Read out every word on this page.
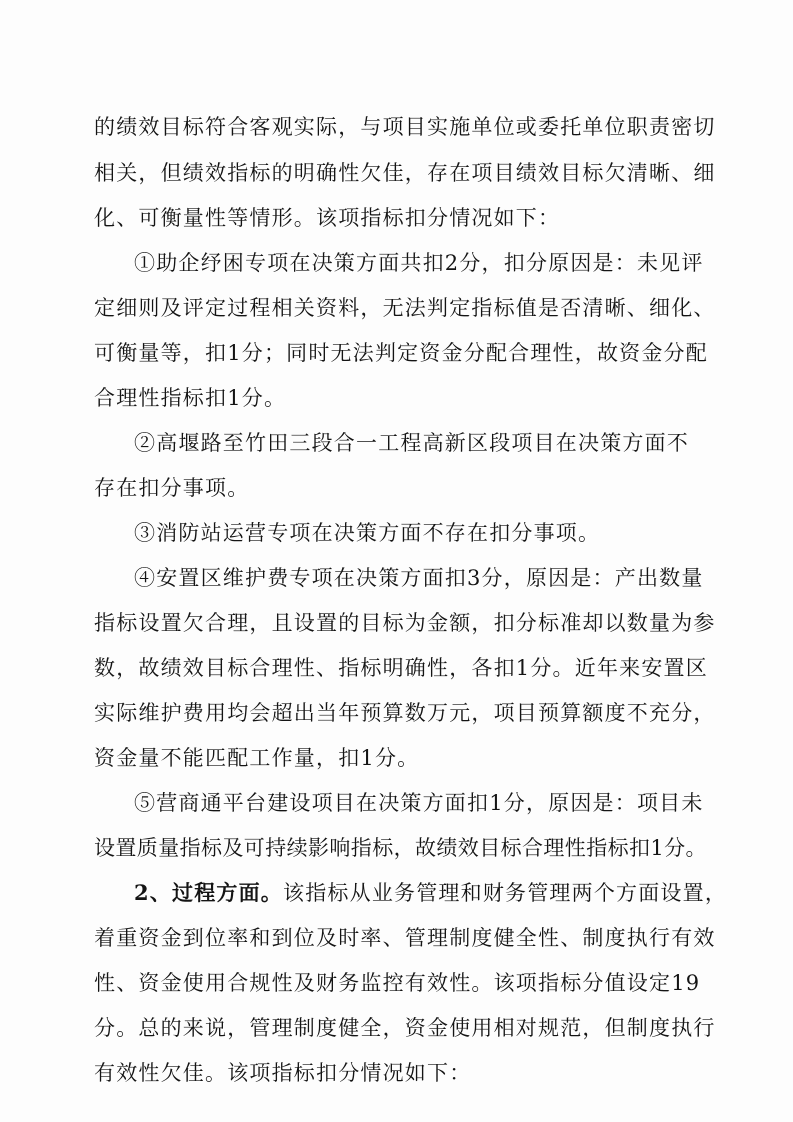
的绩效目标符合客观实际，与项目实施单位或委托单位职责密切
相关，但绩效指标的明确性欠佳，存在项目绩效目标欠清晰、细
化、可衡量性等情形。该项指标扣分情况如下：
①助企纾困专项在决策方面共扣2分，扣分原因是：未见评
定细则及评定过程相关资料，无法判定指标值是否清晰、细化、
可衡量等，扣1分；同时无法判定资金分配合理性，故资金分配
合理性指标扣1分。
②高堰路至竹田三段合一工程高新区段项目在决策方面不
存在扣分事项。
③消防站运营专项在决策方面不存在扣分事项。
④安置区维护费专项在决策方面扣3分，原因是：产出数量
指标设置欠合理，且设置的目标为金额，扣分标准却以数量为参
数，故绩效目标合理性、指标明确性，各扣1分。近年来安置区
实际维护费用均会超出当年预算数万元，项目预算额度不充分，
资金量不能匹配工作量，扣1分。
⑤营商通平台建设项目在决策方面扣1分，原因是：项目未
设置质量指标及可持续影响指标，故绩效目标合理性指标扣1分。
2、过程方面。该指标从业务管理和财务管理两个方面设置，
着重资金到位率和到位及时率、管理制度健全性、制度执行有效
性、资金使用合规性及财务监控有效性。该项指标分值设定19
分。总的来说，管理制度健全，资金使用相对规范，但制度执行
有效性欠佳。该项指标扣分情况如下：
